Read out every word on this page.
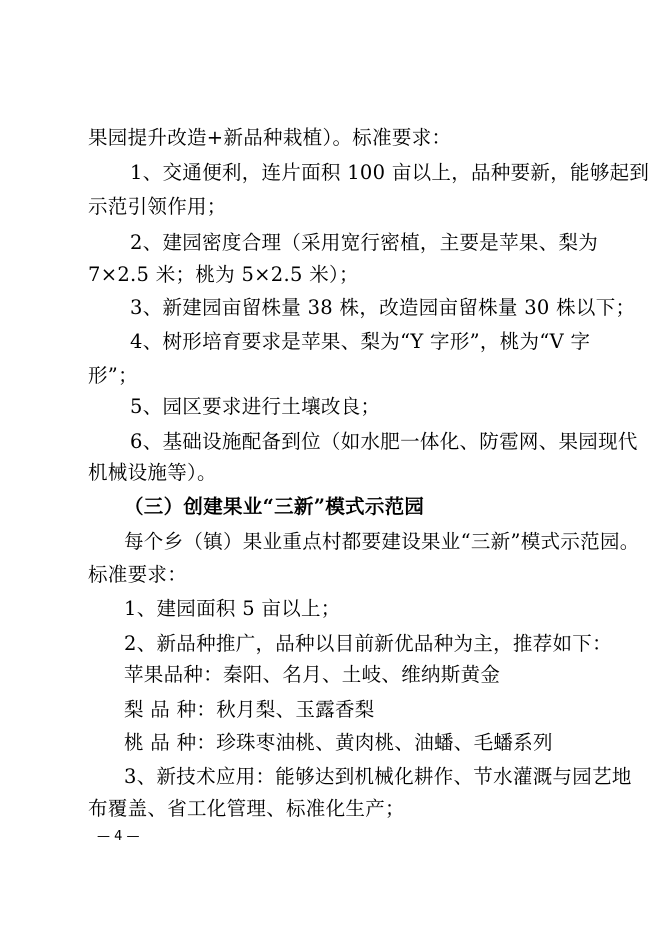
果园提升改造+新品种栽植）。标准要求：
1、交通便利，连片面积 100 亩以上，品种要新，能够起到
示范引领作用；
2、建园密度合理（采用宽行密植，主要是苹果、梨为
7×2.5 米；桃为 5×2.5 米）；
3、新建园亩留株量 38 株，改造园亩留株量 30 株以下；
4、树形培育要求是苹果、梨为“Y 字形”，桃为“V 字
形”；
5、园区要求进行土壤改良；
6、基础设施配备到位（如水肥一体化、防雹网、果园现代
机械设施等）。
（三）创建果业“三新”模式示范园
每个乡（镇）果业重点村都要建设果业“三新”模式示范园。
标准要求：
1、建园面积 5 亩以上；
2、新品种推广，品种以目前新优品种为主，推荐如下：
苹果品种：秦阳、名月、土岐、维纳斯黄金
梨 品 种：秋月梨、玉露香梨
桃 品 种：珍珠枣油桃、黄肉桃、油蟠、毛蟠系列
3、新技术应用：能够达到机械化耕作、节水灌溉与园艺地
布覆盖、省工化管理、标准化生产；
— 4 —
